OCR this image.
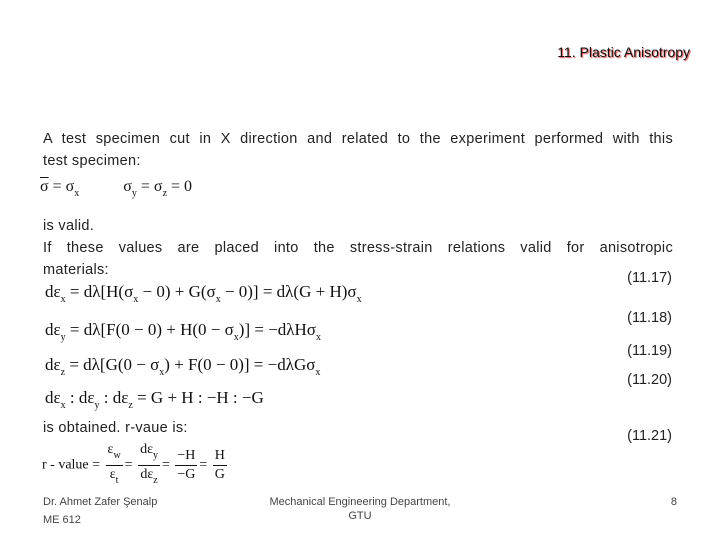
11. Plastic Anisotropy
A test specimen cut in X direction and related to the experiment performed with this
test specimen:
$\overline{\sigma} = \sigma_x$	$\sigma_y = \sigma_z = 0$
is valid.
If these values are placed into the stress-strain relations valid for anisotropic
materials:
$d\varepsilon_x = d\lambda[H(\sigma_x - 0) + G(\sigma_x - 0)] = d\lambda(G + H)\sigma_x$
$d\varepsilon_y = d\lambda[F(0 - 0) + H(0 - \sigma_x)] = -d\lambda H\sigma_x$
$d\varepsilon_z = d\lambda[G(0 - \sigma_x) + F(0 - 0)] = -d\lambda G\sigma_x$
$d\varepsilon_x$ : $d\varepsilon_y$ : $d\varepsilon_z = G + H$ : −H : −G
(11.17)
(11.18)
(11.19)
(11.20)
is obtained. r-vaue is:	(11.21)
r - value = $\frac{\varepsilon_w}{\varepsilon_t} = \frac{d\varepsilon_y}{d\varepsilon_z} = \frac{-H}{-G} = \frac{H}{G}$
Dr. Ahmet Zafer Şenalp
ME 612
Mechanical Engineering Department,
GTU
8
